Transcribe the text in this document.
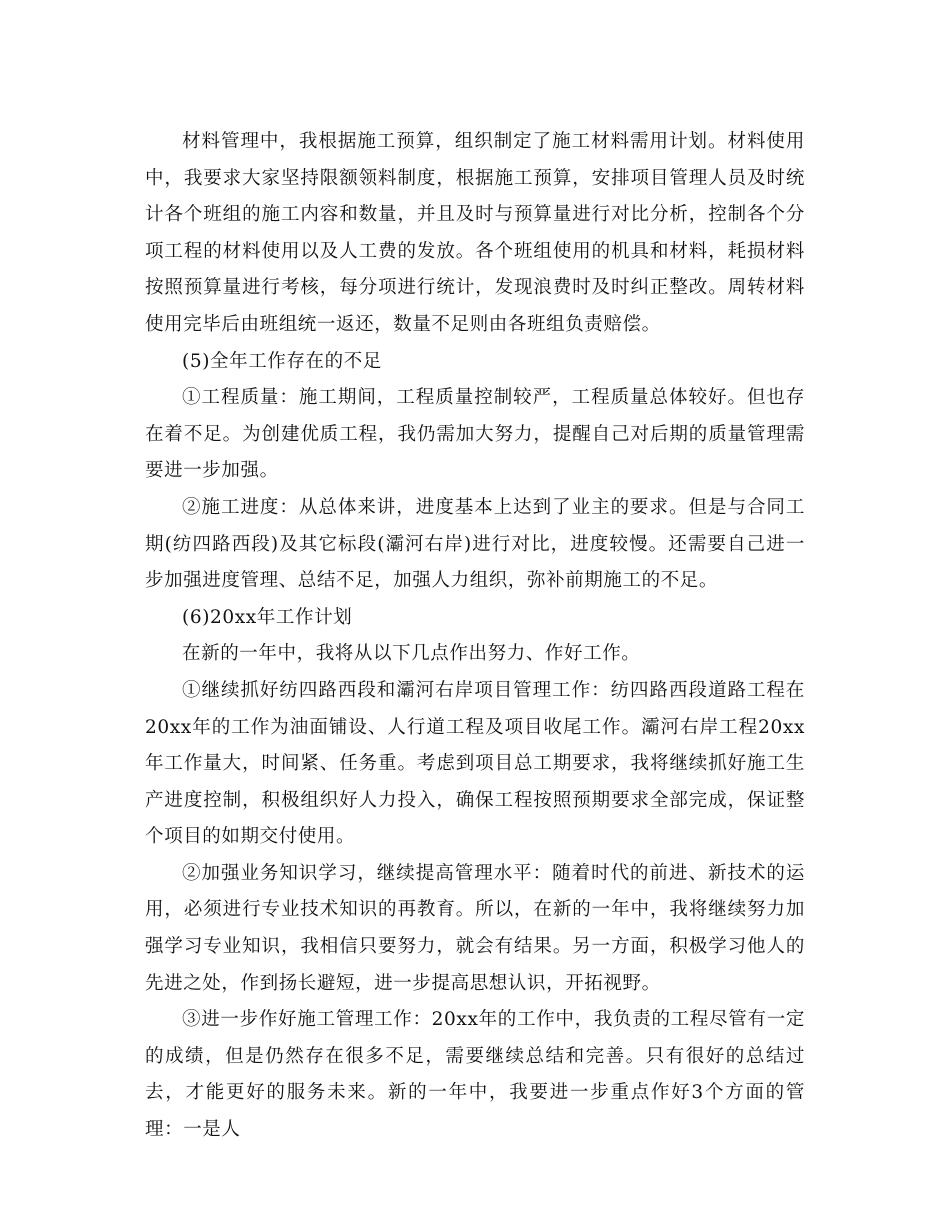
材料管理中，我根据施工预算，组织制定了施工材料需用计划。材料使用中，我要求大家坚持限额领料制度，根据施工预算，安排项目管理人员及时统计各个班组的施工内容和数量，并且及时与预算量进行对比分析，控制各个分项工程的材料使用以及人工费的发放。各个班组使用的机具和材料，耗损材料按照预算量进行考核，每分项进行统计，发现浪费时及时纠正整改。周转材料使用完毕后由班组统一返还，数量不足则由各班组负责赔偿。

(5)全年工作存在的不足

①工程质量：施工期间，工程质量控制较严，工程质量总体较好。但也存在着不足。为创建优质工程，我仍需加大努力，提醒自己对后期的质量管理需要进一步加强。

②施工进度：从总体来讲，进度基本上达到了业主的要求。但是与合同工期(纺四路西段)及其它标段(灞河右岸)进行对比，进度较慢。还需要自己进一步加强进度管理、总结不足，加强人力组织，弥补前期施工的不足。

(6)20xx年工作计划

在新的一年中，我将从以下几点作出努力、作好工作。

①继续抓好纺四路西段和灞河右岸项目管理工作：纺四路西段道路工程在20xx年的工作为油面铺设、人行道工程及项目收尾工作。灞河右岸工程20xx年工作量大，时间紧、任务重。考虑到项目总工期要求，我将继续抓好施工生产进度控制，积极组织好人力投入，确保工程按照预期要求全部完成，保证整个项目的如期交付使用。

②加强业务知识学习，继续提高管理水平：随着时代的前进、新技术的运用，必须进行专业技术知识的再教育。所以，在新的一年中，我将继续努力加强学习专业知识，我相信只要努力，就会有结果。另一方面，积极学习他人的先进之处，作到扬长避短，进一步提高思想认识，开拓视野。

③进一步作好施工管理工作：20xx年的工作中，我负责的工程尽管有一定的成绩，但是仍然存在很多不足，需要继续总结和完善。只有很好的总结过去，才能更好的服务未来。新的一年中，我要进一步重点作好3个方面的管理：一是人
